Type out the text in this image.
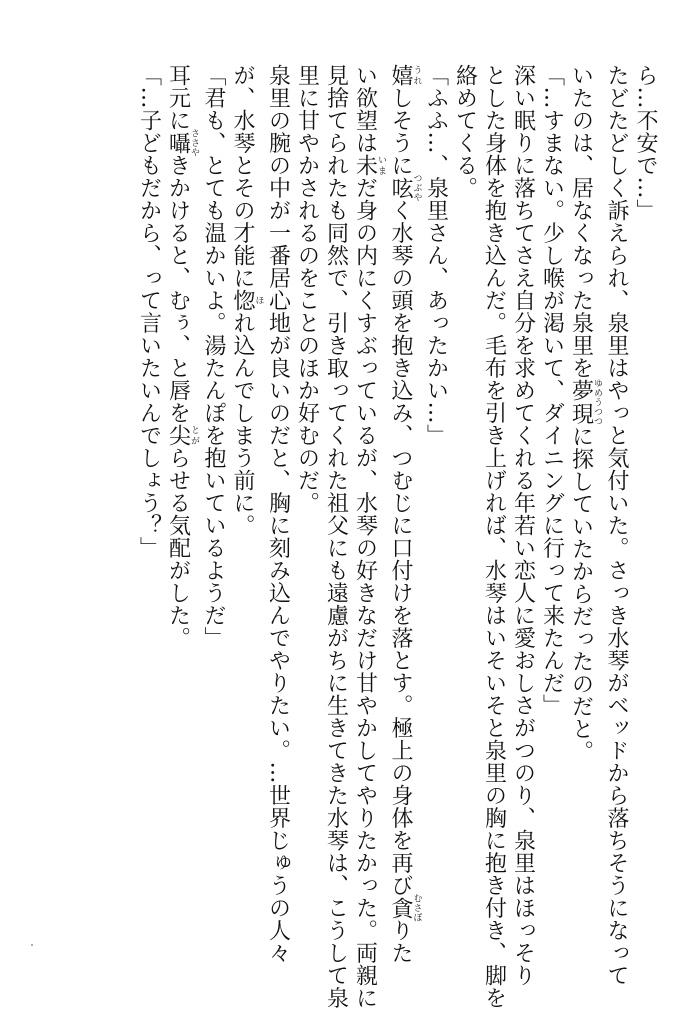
ら…不安で…」
たどたどしく訴えられ、泉里はやっと気付いた。さっき水琴がベッドから落ちそうになって
いたのは、居なくなった泉里を夢現ゆめうつつに探していたからだったのだと。
「…すまない。少し喉が渇いて、ダイニングに行って来たんだ」
深い眠りに落ちてさえ自分を求めてくれる年若い恋人に愛おしさがつのり、泉里はほっそり
とした身体を抱き込んだ。毛布を引き上げれば、水琴はいそいそと泉里の胸に抱き付き、脚を
絡めてくる。
「ふふ…、泉里さん、あったかい…」
嬉うれしそうに呟つぶやく水琴の頭を抱き込み、つむじに口付けを落とす。極上の身体を再び貪むさぼりた
い欲望は未いまだ身の内にくすぶっているが、水琴の好きなだけ甘やかしてやりたかった。両親に
見捨てられたも同然で、引き取ってくれた祖父にも遠慮がちに生きてきた水琴は、こうして泉
里に甘やかされるのをことのほか好むのだ。
泉里の腕の中が一番居心地が良いのだと、胸に刻み込んでやりたい。…世界じゅうの人々
が、水琴とその才能に惚ほれ込んでしまう前に。
「君も、とても温かいよ。湯たんぽを抱いているようだ」
耳元に囁ささやきかけると、むぅ、と唇を尖とがらせる気配がした。
「…子どもだから、って言いたいんでしょう？」
